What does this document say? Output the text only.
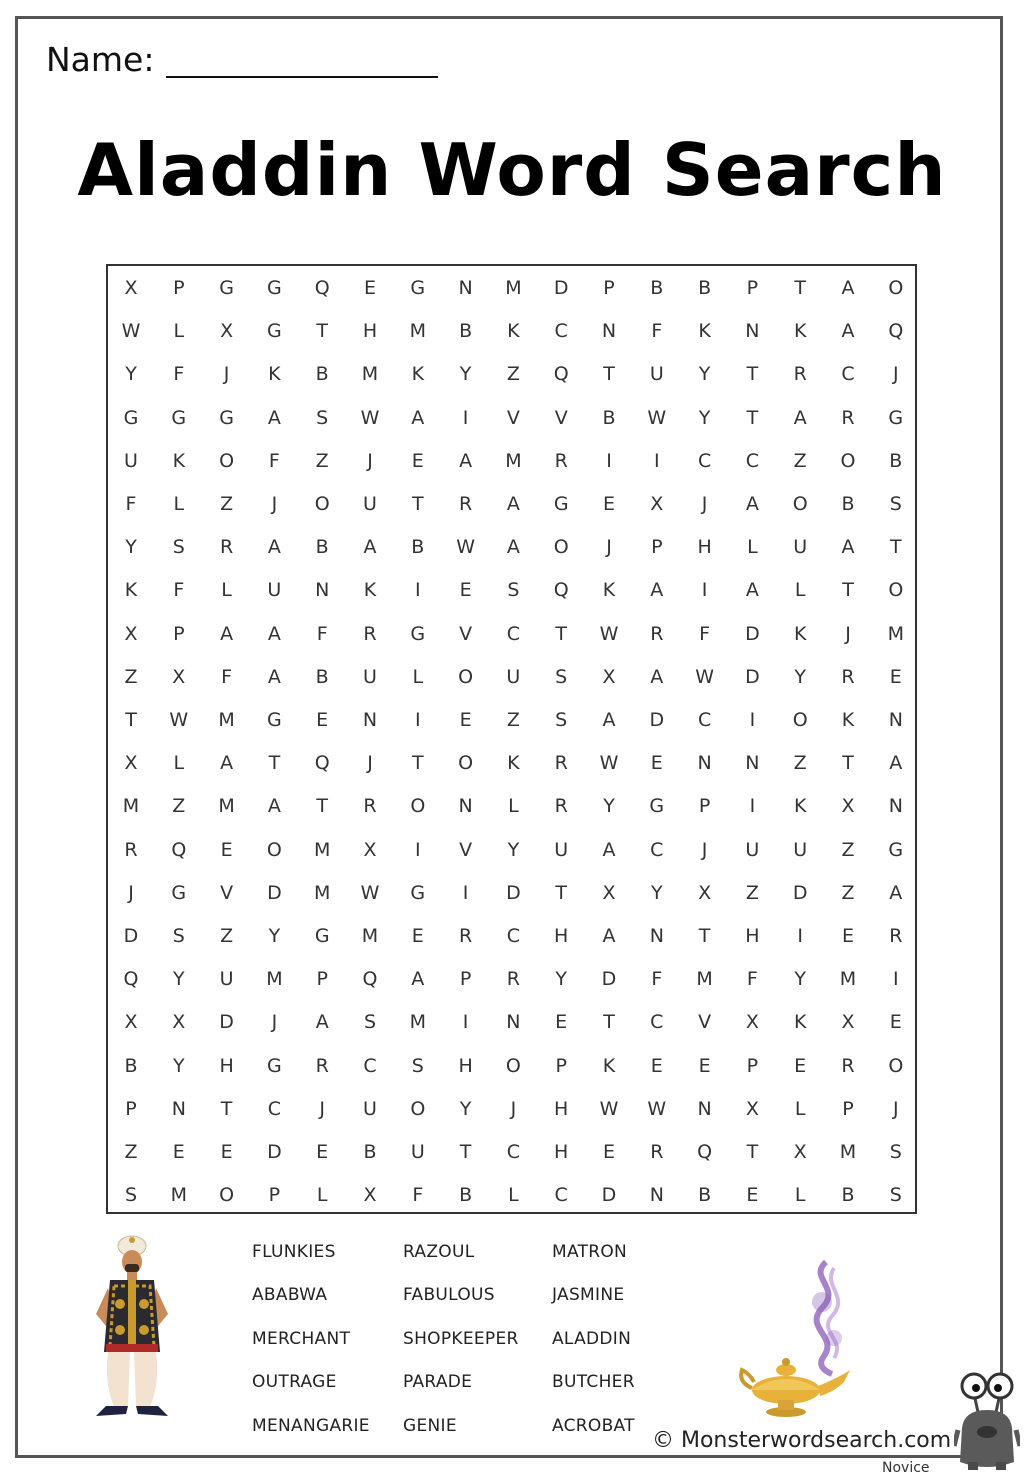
Name:
Aladdin Word Search
X	P	G	G	Q	E	G	N	M	D	P	B	B	P	T	A	O
W	L	X	G	T	H	M	B	K	C	N	F	K	N	K	A	Q
Y	F	J	K	B	M	K	Y	Z	Q	T	U	Y	T	R	C	J
G	G	G	A	S	W	A	I	V	V	B	W	Y	T	A	R	G
U	K	O	F	Z	J	E	A	M	R	I	I	C	C	Z	O	B
F	L	Z	J	O	U	T	R	A	G	E	X	J	A	O	B	S
Y	S	R	A	B	A	B	W	A	O	J	P	H	L	U	A	T
K	F	L	U	N	K	I	E	S	Q	K	A	I	A	L	T	O
X	P	A	A	F	R	G	V	C	T	W	R	F	D	K	J	M
Z	X	F	A	B	U	L	O	U	S	X	A	W	D	Y	R	E
T	W	M	G	E	N	I	E	Z	S	A	D	C	I	O	K	N
X	L	A	T	Q	J	T	O	K	R	W	E	N	N	Z	T	A
M	Z	M	A	T	R	O	N	L	R	Y	G	P	I	K	X	N
R	Q	E	O	M	X	I	V	Y	U	A	C	J	U	U	Z	G
J	G	V	D	M	W	G	I	D	T	X	Y	X	Z	D	Z	A
D	S	Z	Y	G	M	E	R	C	H	A	N	T	H	I	E	R
Q	Y	U	M	P	Q	A	P	R	Y	D	F	M	F	Y	M	I
X	X	D	J	A	S	M	I	N	E	T	C	V	X	K	X	E
B	Y	H	G	R	C	S	H	O	P	K	E	E	P	E	R	O
P	N	T	C	J	U	O	Y	J	H	W W	N	X	L	P	J
Z	E	E	D	E	B	U	T	C	H	E	R	Q	T	X	M	S
S	M	O	P	L	X	F	B	L	C	D	N	B	E	L	B	S
FLUNKIES
ABABWA
MERCHANT
OUTRAGE
MENANGARIE
RAZOUL
FABULOUS
SHOPKEEPER
PARADE
GENIE
MATRON
JASMINE
ALADDIN
BUTCHER
ACROBAT
© Monsterwordsearch.com
Novice
